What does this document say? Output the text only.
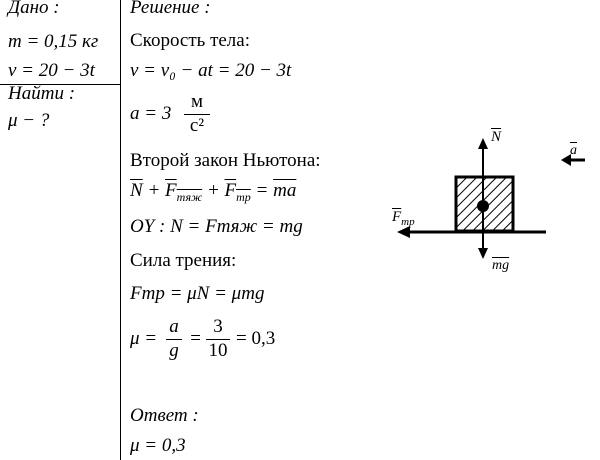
Дано :
m = 0,15 кг
v = 20 − 3t
Найти :
μ − ?
Решение :
Скорость тела:
v = v₀ − at = 20 − 3t
a = 3
м
с²
Второй закон Ньютона:
$\overline{N} + F_{тяж} + F_{тр} = \overline{ma}$
OY : N = Fтяж = mg
Сила трения:
Fтр = μN = μmg
μ =
a
g
=
3
10
= 0,3
Ответ :
μ = 0,3
$\overline{N}$
$\overline{a}$
$\overline{F}_{тр}$
$\overline{mg}$
